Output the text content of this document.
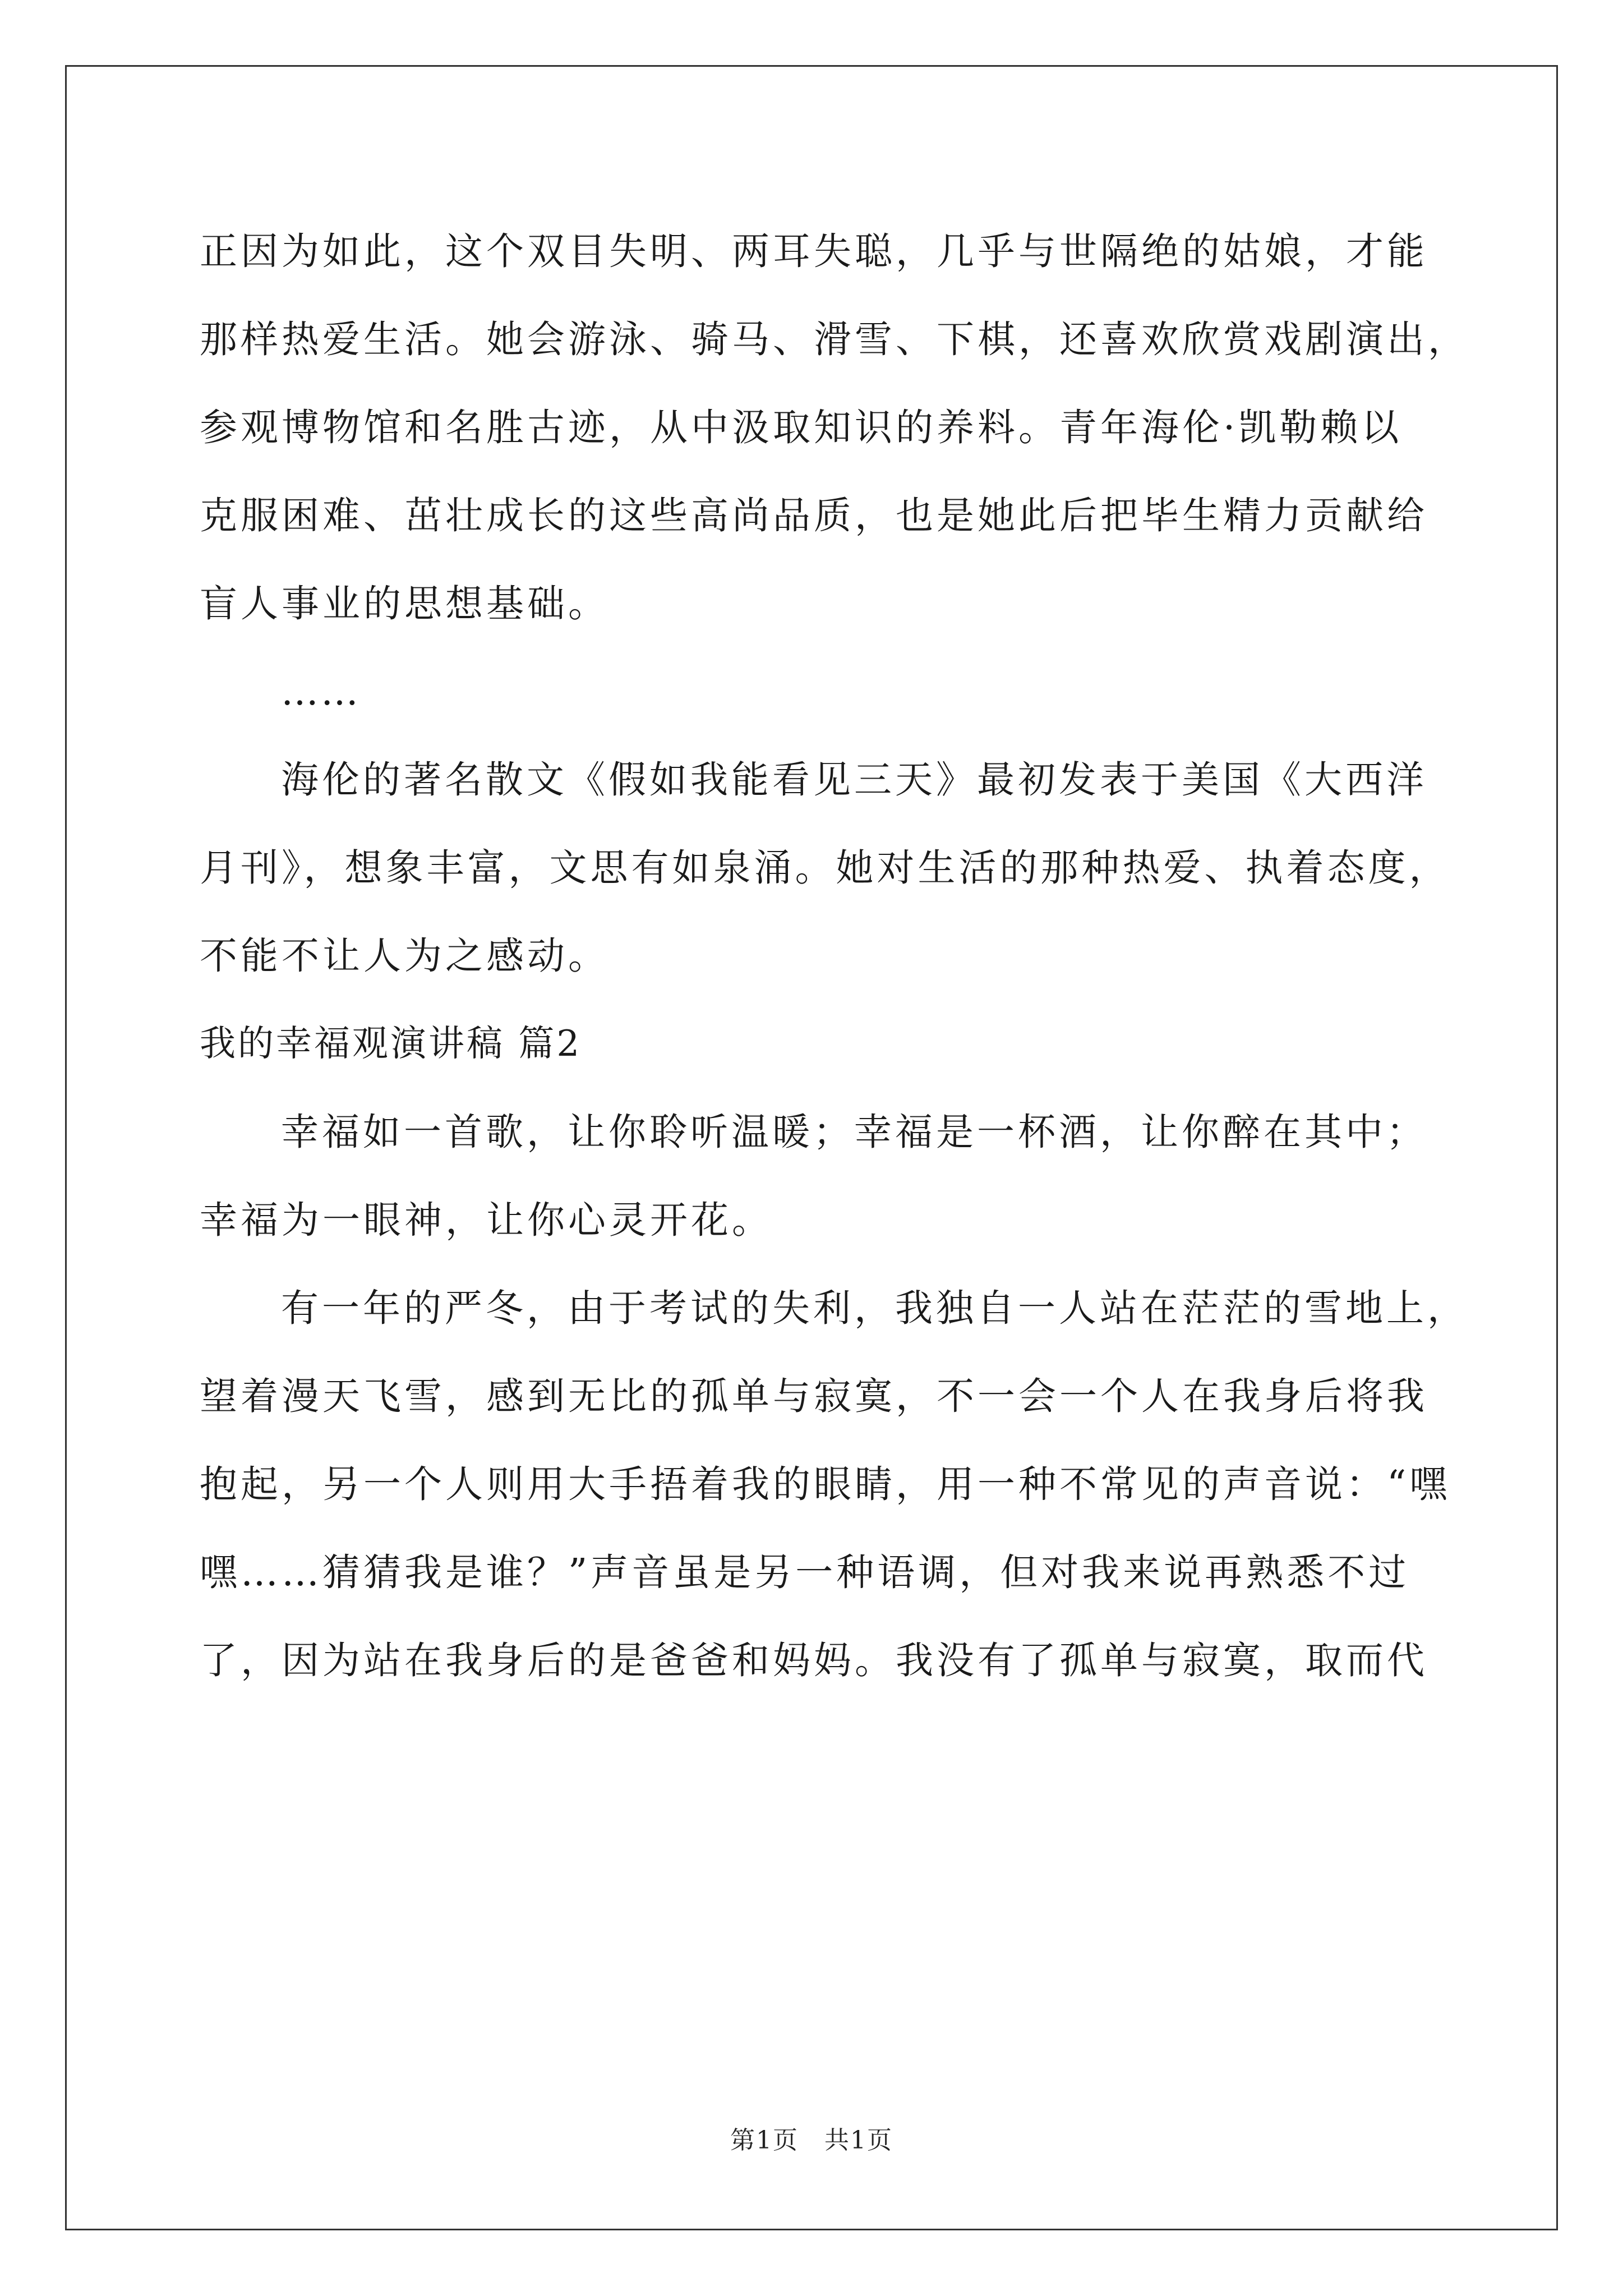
正因为如此，这个双目失明、两耳失聪，几乎与世隔绝的姑娘，才能
那样热爱生活。她会游泳、骑马、滑雪、下棋，还喜欢欣赏戏剧演出，
参观博物馆和名胜古迹，从中汲取知识的养料。青年海伦·凯勒赖以
克服困难、茁壮成长的这些高尚品质，也是她此后把毕生精力贡献给
盲人事业的思想基础。
……
海伦的著名散文《假如我能看见三天》最初发表于美国《大西洋
月刊》，想象丰富，文思有如泉涌。她对生活的那种热爱、执着态度，
不能不让人为之感动。
我的幸福观演讲稿 篇2
幸福如一首歌，让你聆听温暖；幸福是一杯酒，让你醉在其中；
幸福为一眼神，让你心灵开花。
有一年的严冬，由于考试的失利，我独自一人站在茫茫的雪地上，
望着漫天飞雪，感到无比的孤单与寂寞，不一会一个人在我身后将我
抱起，另一个人则用大手捂着我的眼睛，用一种不常见的声音说：“嘿
嘿……猜猜我是谁？”声音虽是另一种语调，但对我来说再熟悉不过
了，因为站在我身后的是爸爸和妈妈。我没有了孤单与寂寞，取而代
第1页　共1页
